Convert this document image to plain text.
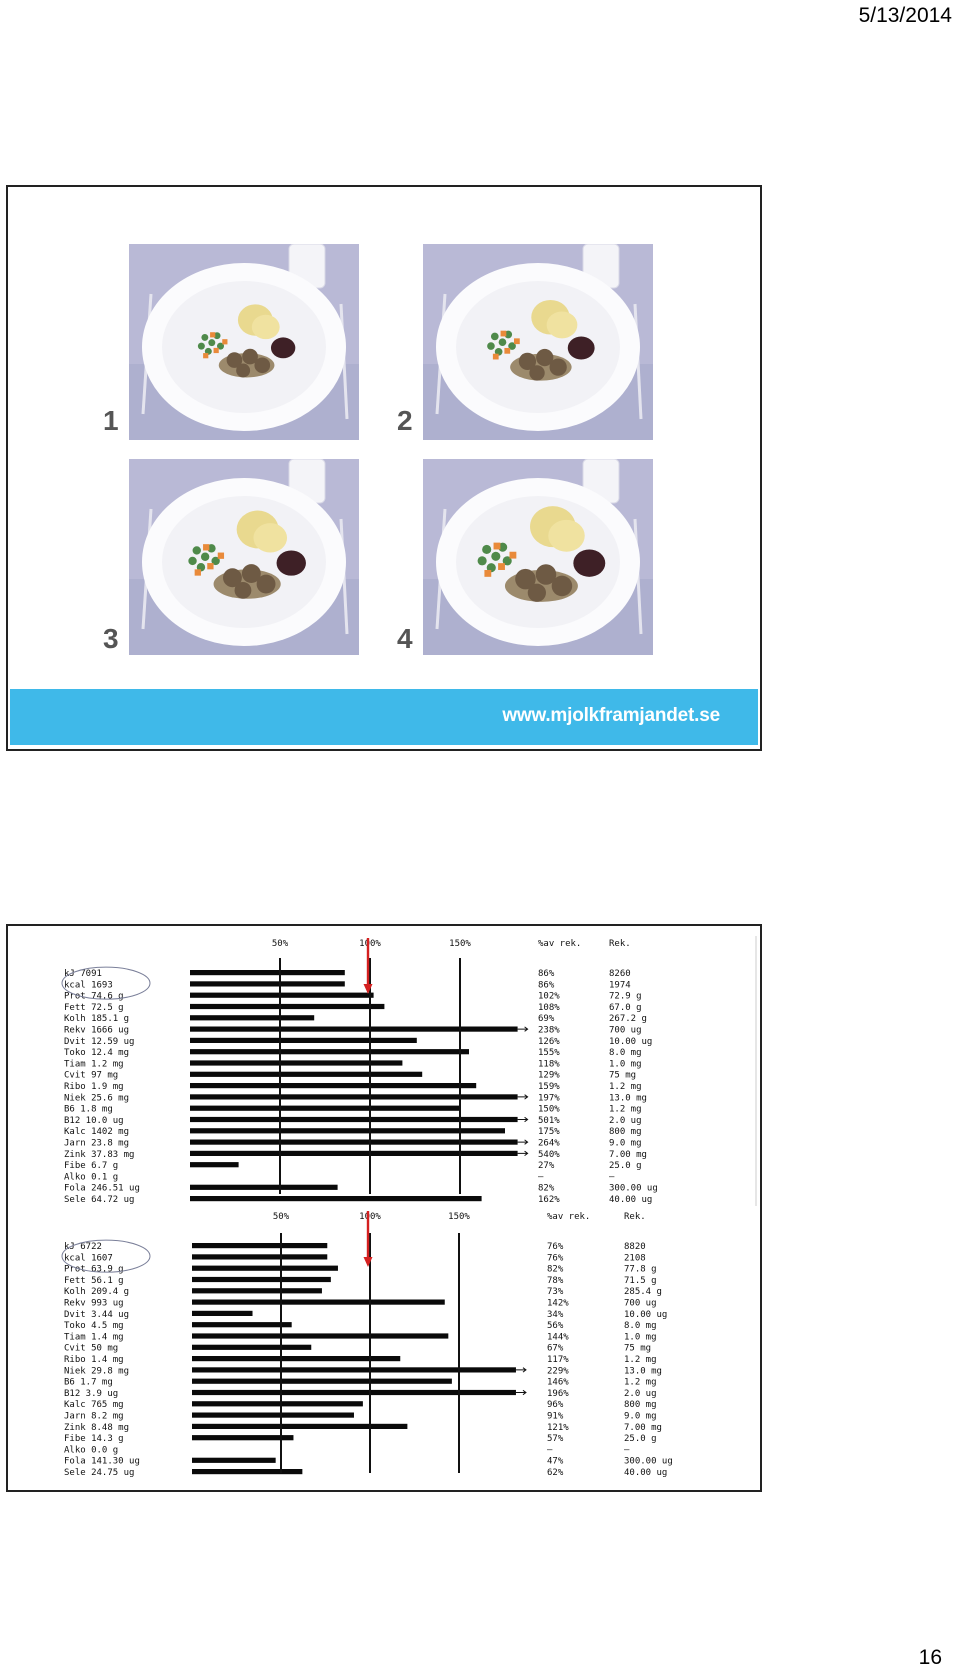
5/13/2014
1	2
3	4
www.mjolkframjandet.se
50%	100%	150%	%av rek.	Rek.
kJ 7091	86%	8260
kcal 1693	86%	1974
Prot 74.6 g	102%	72.9 g
Fett 72.5 g	108%	67.0 g
Kolh 185.1 g	69%	267.2 g
Rekv 1666 ug	238%	700 ug
Dvit 12.59 ug	126%	10.00 ug
Toko 12.4 mg	155%	8.0 mg
Tiam 1.2 mg	118%	1.0 mg
Cvit 97 mg	129%	75 mg
Ribo 1.9 mg	159%	1.2 mg
Niek 25.6 mg	197%	13.0 mg
B6 1.8 mg	150%	1.2 mg
B12 10.0 ug	501%	2.0 ug
Kalc 1402 mg	175%	800 mg
Jarn 23.8 mg	264%	9.0 mg
Zink 37.83 mg	540%	7.00 mg
Fibe 6.7 g	27%	25.0 g
Alko 0.1 g	–	–
Fola 246.51 ug	82%	300.00 ug
Sele 64.72 ug	162%	40.00 ug
50%	100%	150%	%av rek.	Rek.
kJ 6722	76%	8820
kcal 1607	76%	2108
Prot 63.9 g	82%	77.8 g
Fett 56.1 g	78%	71.5 g
Kolh 209.4 g	73%	285.4 g
Rekv 993 ug	142%	700 ug
Dvit 3.44 ug	34%	10.00 ug
Toko 4.5 mg	56%	8.0 mg
Tiam 1.4 mg	144%	1.0 mg
Cvit 50 mg	67%	75 mg
Ribo 1.4 mg	117%	1.2 mg
Niek 29.8 mg	229%	13.0 mg
B6 1.7 mg	146%	1.2 mg
B12 3.9 ug	196%	2.0 ug
Kalc 765 mg	96%	800 mg
Jarn 8.2 mg	91%	9.0 mg
Zink 8.48 mg	121%	7.00 mg
Fibe 14.3 g	57%	25.0 g
Alko 0.0 g	–	–
Fola 141.30 ug	47%	300.00 ug
Sele 24.75 ug	62%	40.00 ug
16
